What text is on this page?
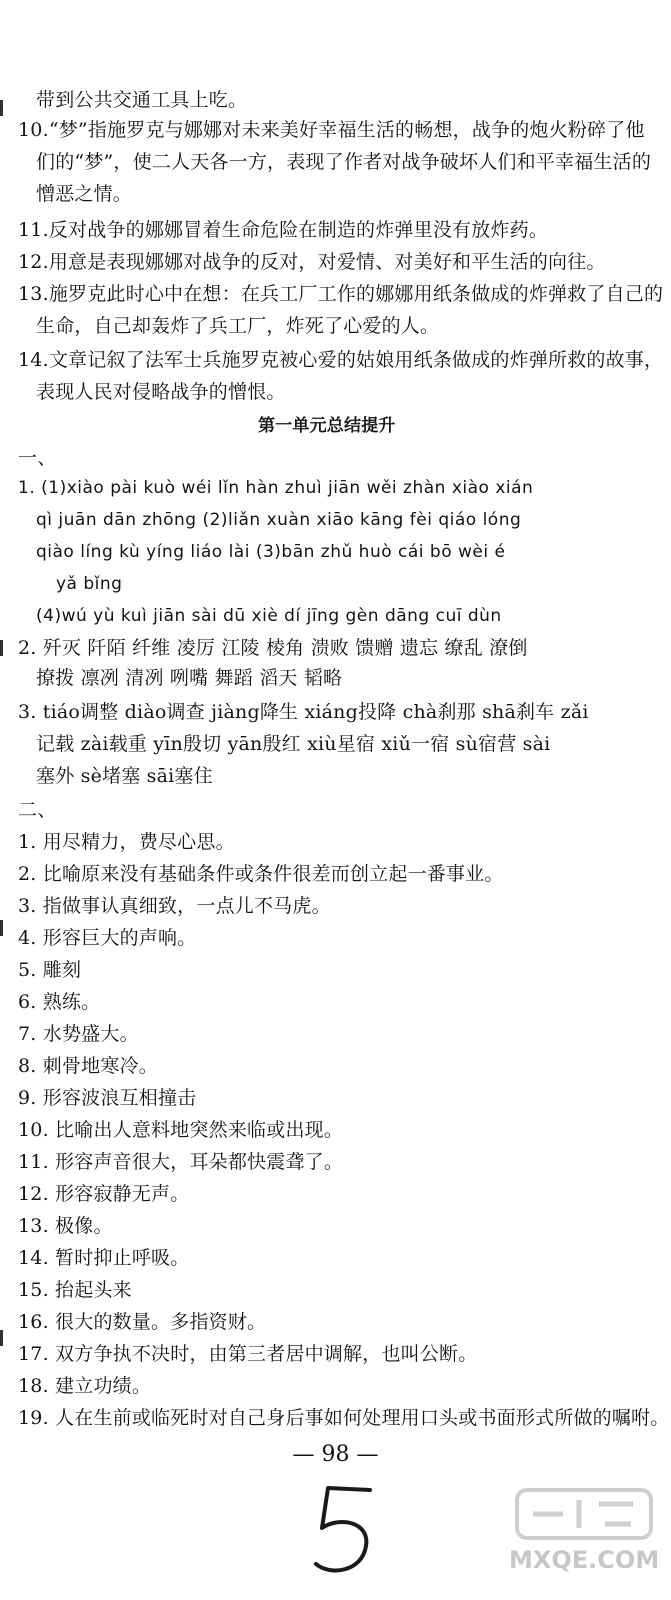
带到公共交通工具上吃。
10.“梦”指施罗克与娜娜对未来美好幸福生活的畅想，战争的炮火粉碎了他
们的“梦”，使二人天各一方，表现了作者对战争破坏人们和平幸福生活的
憎恶之情。
11.反对战争的娜娜冒着生命危险在制造的炸弹里没有放炸药。
12.用意是表现娜娜对战争的反对，对爱情、对美好和平生活的向往。
13.施罗克此时心中在想：在兵工厂工作的娜娜用纸条做成的炸弹救了自己的
生命，自己却轰炸了兵工厂，炸死了心爱的人。
14.文章记叙了法军士兵施罗克被心爱的姑娘用纸条做成的炸弹所救的故事，
表现人民对侵略战争的憎恨。
第一单元总结提升
一、
1. (1)xiào pài kuò wéi lǐn hàn zhuì jiān wěi zhàn xiào xián
qì juān dān zhōng (2)liǎn xuàn xiāo kāng fèi qiáo lóng
qiào líng kù yíng liáo lài (3)bān zhǔ huò cái bō wèi é
yǎ bǐng
(4)wú yù kuì jiān sài dū xiè dí jīng gèn dāng cuī dùn
2. 歼灭 阡陌 纤维 凌厉 江陵 棱角 溃败 馈赠 遗忘 缭乱 潦倒
撩拨 凛冽 清冽 咧嘴 舞蹈 滔天 韬略
3. tiáo调整 diào调查 jiàng降生 xiáng投降 chà刹那 shā刹车 zǎi
记载 zài载重 yīn殷切 yān殷红 xiù星宿 xiǔ一宿 sù宿营 sài
塞外 sè堵塞 sāi塞住
二、
1. 用尽精力，费尽心思。
2. 比喻原来没有基础条件或条件很差而创立起一番事业。
3. 指做事认真细致，一点儿不马虎。
4. 形容巨大的声响。
5. 雕刻
6. 熟练。
7. 水势盛大。
8. 刺骨地寒冷。
9. 形容波浪互相撞击
10. 比喻出人意料地突然来临或出现。
11. 形容声音很大，耳朵都快震聋了。
12. 形容寂静无声。
13. 极像。
14. 暂时抑止呼吸。
15. 抬起头来
16. 很大的数量。多指资财。
17. 双方争执不决时，由第三者居中调解，也叫公断。
18. 建立功绩。
19. 人在生前或临死时对自己身后事如何处理用口头或书面形式所做的嘱咐。
— 98 —
MXQE.COM
